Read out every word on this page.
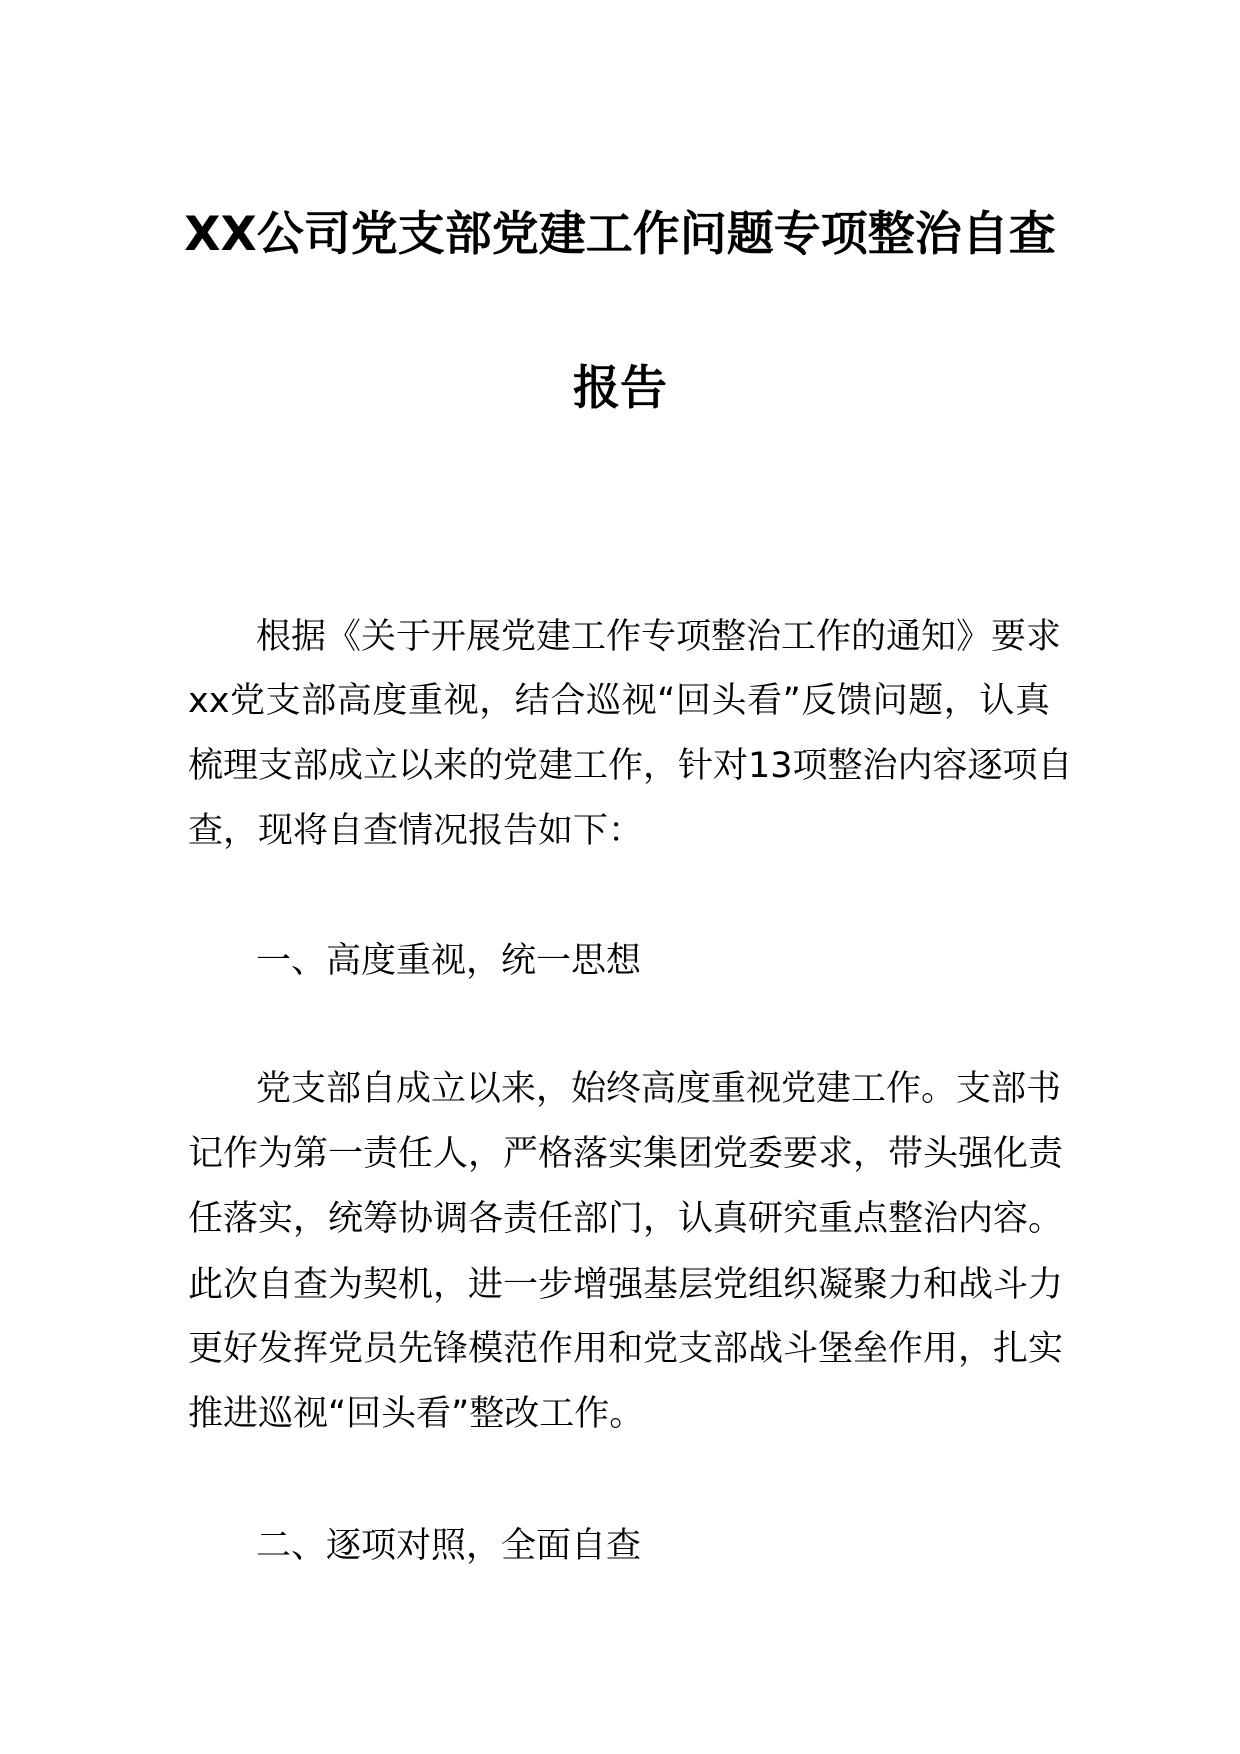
XX公司党支部党建工作问题专项整治自查
报告
根据《关于开展党建工作专项整治工作的通知》要求
xx党支部高度重视，结合巡视“回头看”反馈问题，认真
梳理支部成立以来的党建工作，针对13项整治内容逐项自
查，现将自查情况报告如下：
一、高度重视，统一思想
党支部自成立以来，始终高度重视党建工作。支部书
记作为第一责任人，严格落实集团党委要求，带头强化责
任落实，统筹协调各责任部门，认真研究重点整治内容。
此次自查为契机，进一步增强基层党组织凝聚力和战斗力
更好发挥党员先锋模范作用和党支部战斗堡垒作用，扎实
推进巡视“回头看”整改工作。
二、逐项对照，全面自查
